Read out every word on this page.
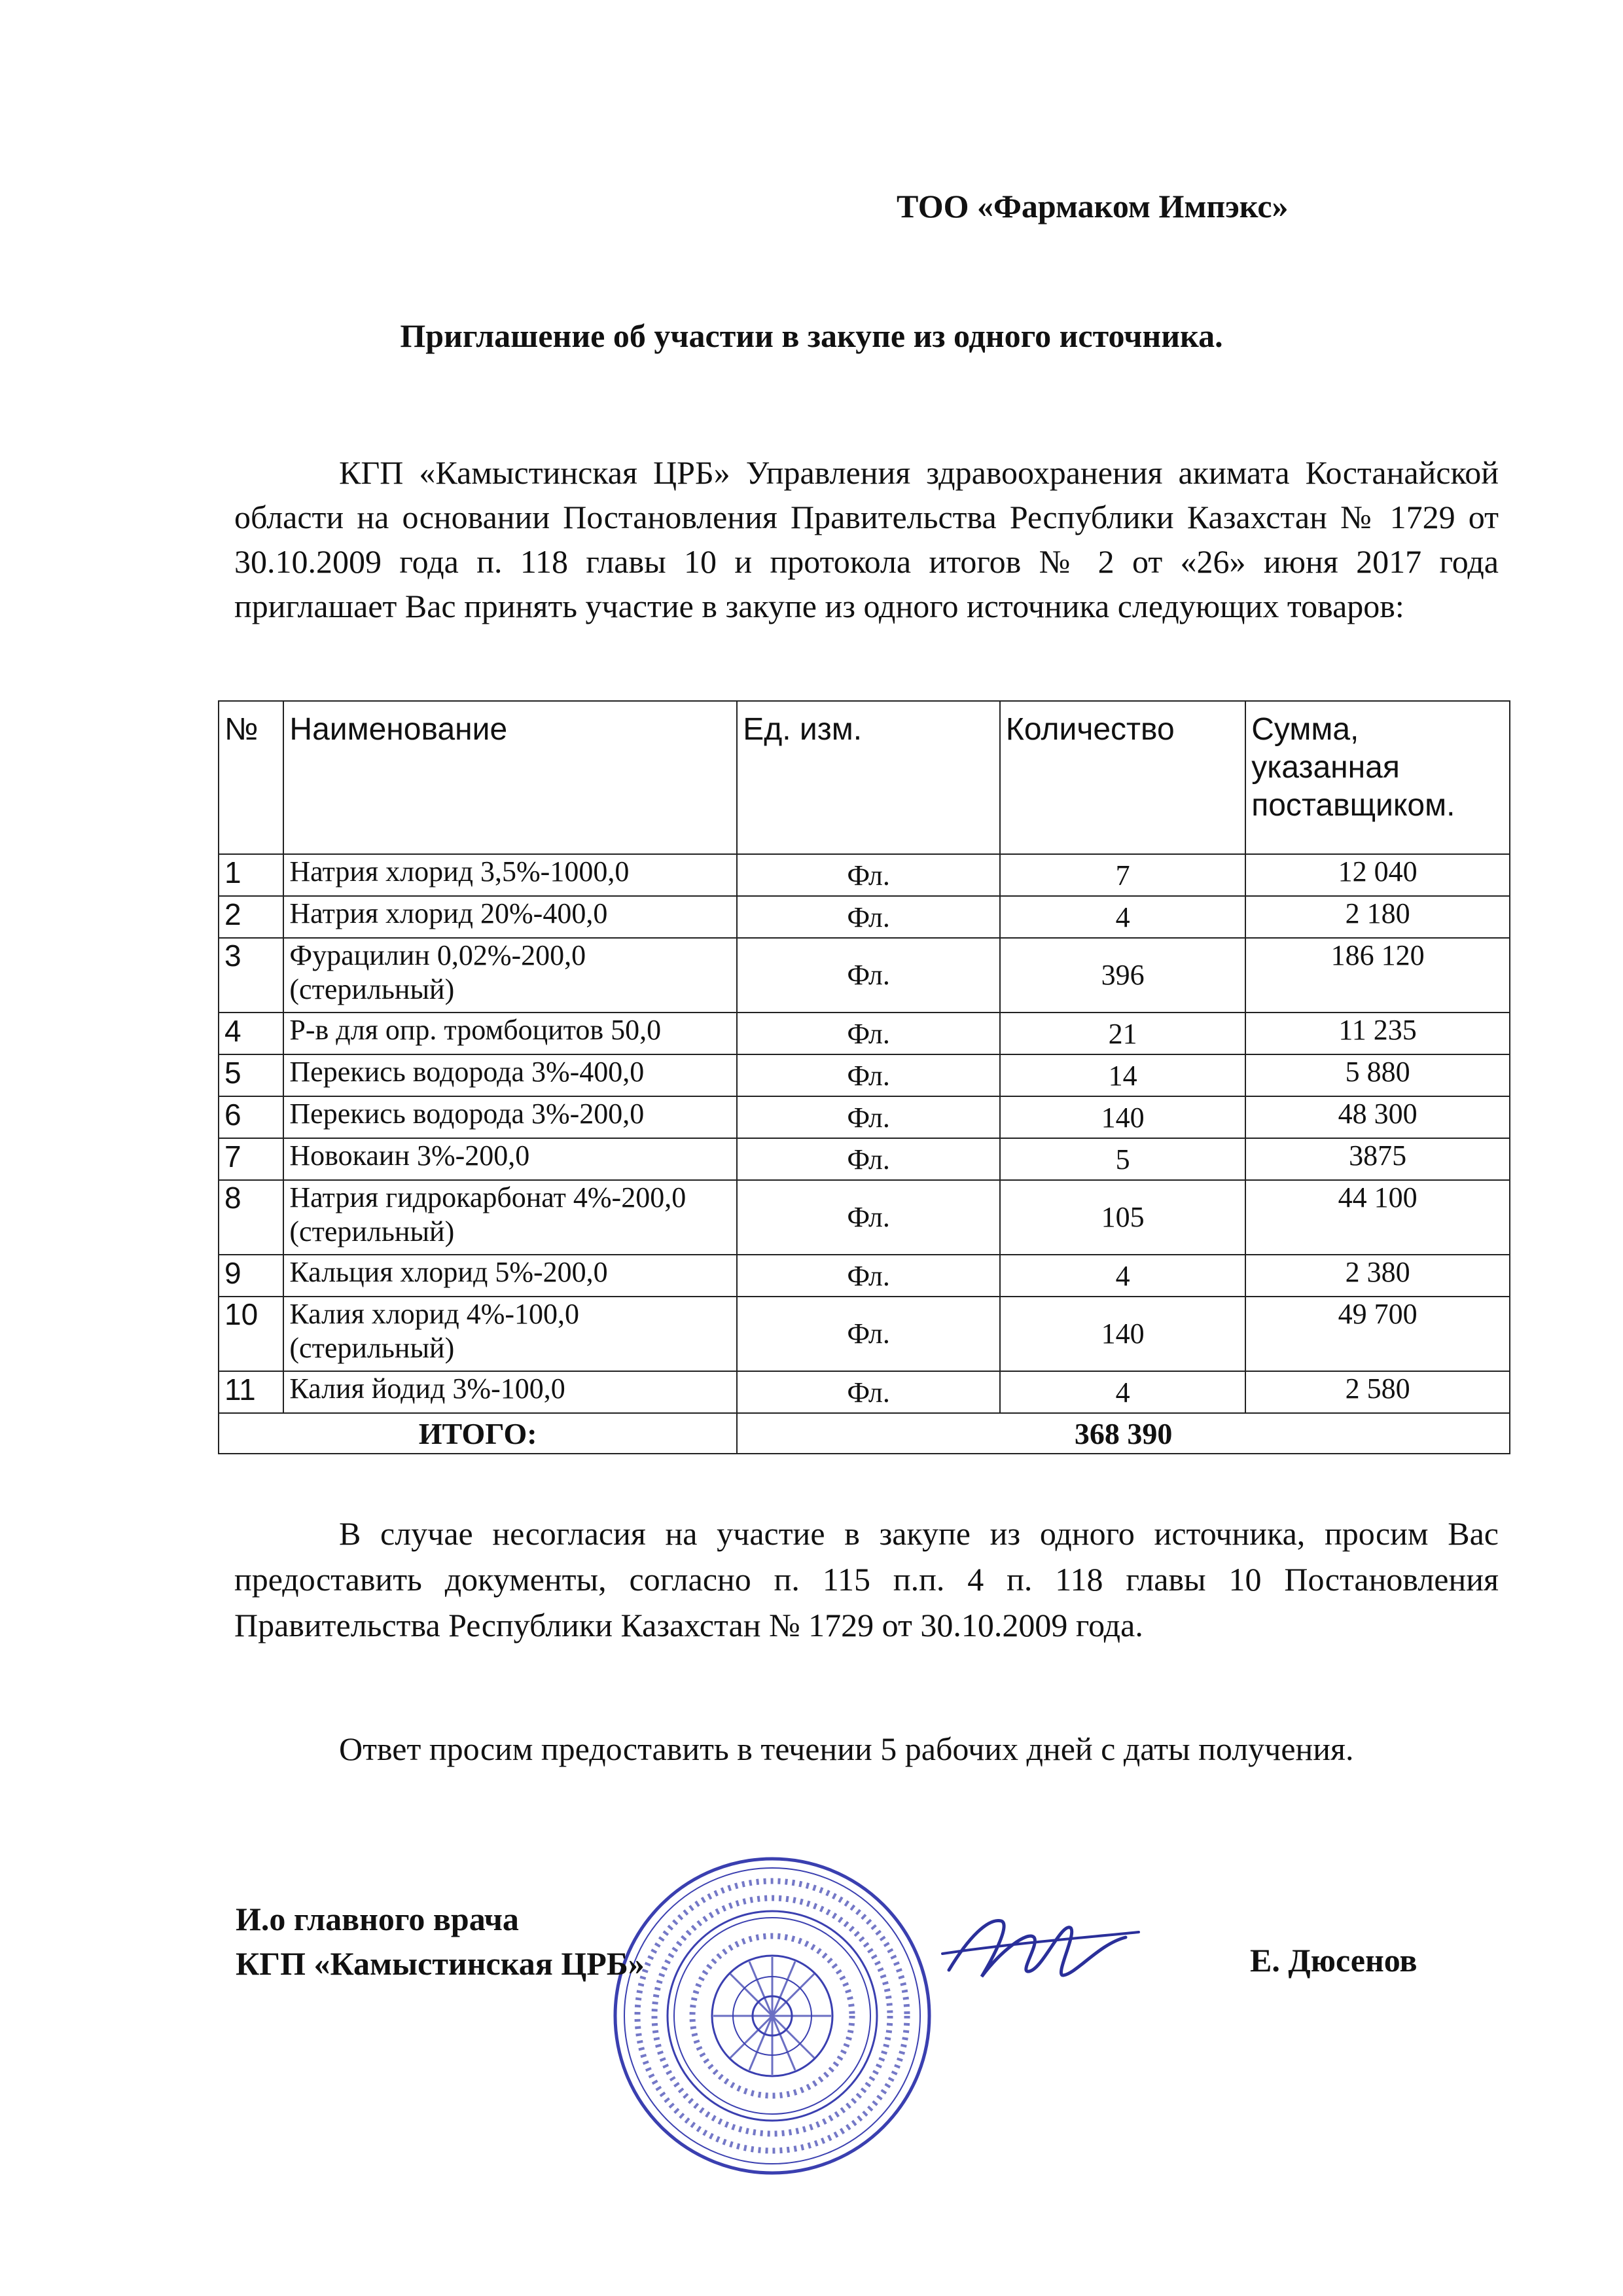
ТОО «Фармаком Импэкс»
Приглашение об участии в закупе из одного источника.
КГП «Камыстинская ЦРБ» Управления здравоохранения акимата Костанайской области на основании Постановления Правительства Республики Казахстан № 1729 от 30.10.2009 года п. 118 главы 10 и протокола итогов № 2 от «26» июня 2017 года приглашает Вас принять участие в закупе из одного источника следующих товаров:
№	Наименование	Ед. изм.	Количество	Сумма, указанная поставщиком.
1	Натрия хлорид 3,5%-1000,0	Фл.	7	12 040
2	Натрия хлорид 20%-400,0	Фл.	4	2 180
3	Фурацилин 0,02%-200,0 (стерильный)	Фл.	396	186 120
4	Р-в для опр. тромбоцитов 50,0	Фл.	21	11 235
5	Перекись водорода 3%-400,0	Фл.	14	5 880
6	Перекись водорода 3%-200,0	Фл.	140	48 300
7	Новокаин 3%-200,0	Фл.	5	3875
8	Натрия гидрокарбонат 4%-200,0 (стерильный)	Фл.	105	44 100
9	Кальция хлорид 5%-200,0	Фл.	4	2 380
10	Калия хлорид 4%-100,0 (стерильный)	Фл.	140	49 700
11	Калия йодид 3%-100,0	Фл.	4	2 580
ИТОГО:		368 390		
В случае несогласия на участие в закупе из одного источника, просим Вас предоставить документы, согласно п. 115 п.п. 4 п. 118 главы 10 Постановления Правительства Республики Казахстан № 1729 от 30.10.2009 года.
Ответ просим предоставить в течении 5 рабочих дней с даты получения.
И.о главного врача
КГП «Камыстинская ЦРБ»	Е. Дюсенов
